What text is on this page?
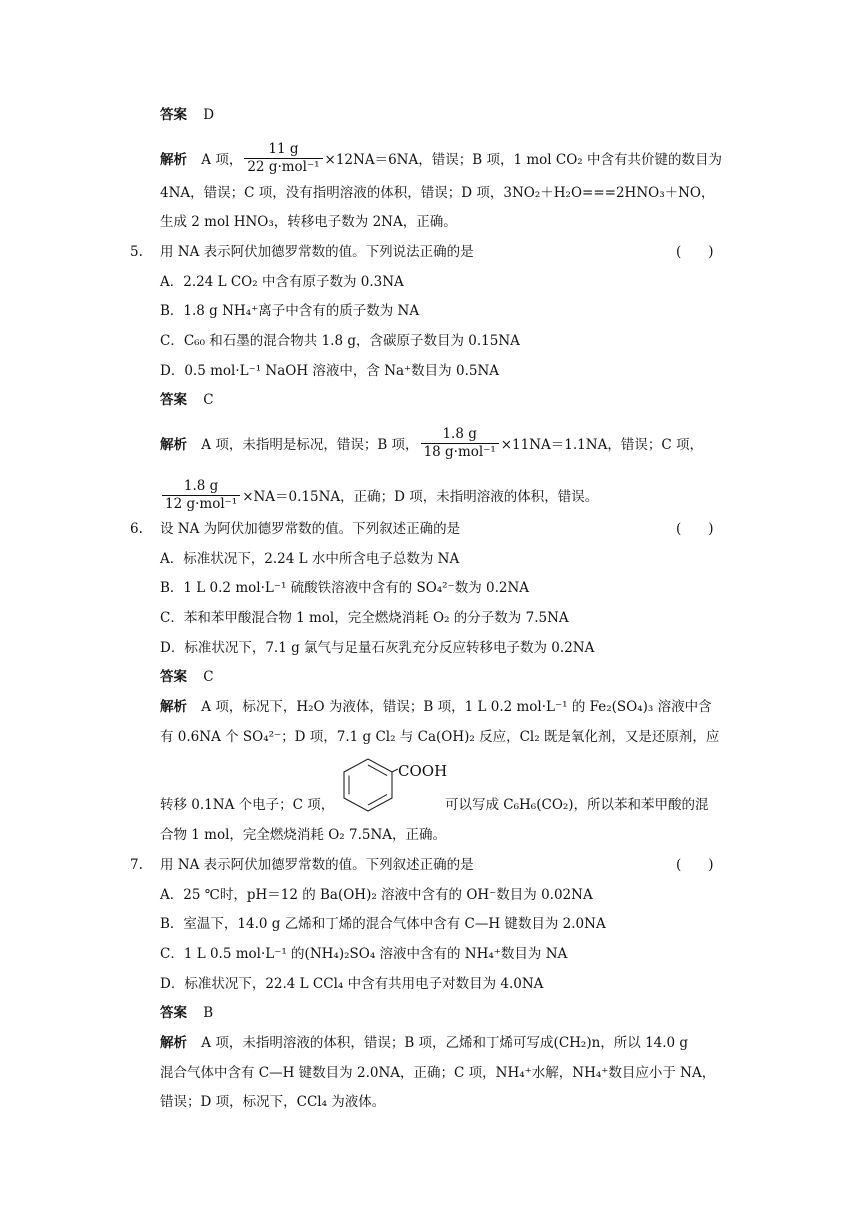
答案 D
解析 A 项， $\frac{11 g}{\text{22 g·mol⁻¹}} \times 12NA=6NA$，错误；B 项，1 mol CO₂ 中含有共价键的数目为
4NA，错误；C 项，没有指明溶液的体积，错误；D 项，3NO₂＋H₂O===2HNO₃＋NO，
生成 2 mol HNO₃，转移电子数为 2NA，正确。
5. 用 NA 表示阿伏加德罗常数的值。下列说法正确的是	(　　)
A．2.24 L CO₂ 中含有原子数为 0.3NA
B．1.8 g NH₄⁺离子中含有的质子数为 NA
C．C₆₀ 和石墨的混合物共 1.8 g，含碳原子数目为 0.15NA
D．0.5 mol·L⁻¹ NaOH 溶液中，含 Na⁺数目为 0.5NA
答案 C
解析 A 项，未指明是标况，错误；B 项， $\frac{1.8 g}{\text{18 g·mol⁻¹}} \times 11NA=1.1NA$，错误；C 项，
$\frac{1.8 g}{\text{12 g·mol⁻¹}} \times NA=0.15NA$，正确；D 项，未指明溶液的体积，错误。
6. 设 NA 为阿伏加德罗常数的值。下列叙述正确的是	(　　)
A．标准状况下，2.24 L 水中所含电子总数为 NA
B．1 L 0.2 mol·L⁻¹ 硫酸铁溶液中含有的 SO₄²⁻数为 0.2NA
C．苯和苯甲酸混合物 1 mol，完全燃烧消耗 O₂ 的分子数为 7.5NA
D．标准状况下，7.1 g 氯气与足量石灰乳充分反应转移电子数为 0.2NA
答案 C
解析 A 项，标况下，H₂O 为液体，错误；B 项，1 L 0.2 mol·L⁻¹ 的 Fe₂(SO₄)₃ 溶液中含
有 0.6NA 个 SO₄²⁻；D 项，7.1 g Cl₂ 与 Ca(OH)₂ 反应，Cl₂ 既是氧化剂，又是还原剂，应
COOH
转移 0.1NA 个电子；C 项，	可以写成 C₆H₆(CO₂)，所以苯和苯甲酸的混
合物 1 mol，完全燃烧消耗 O₂ 7.5NA，正确。
7. 用 NA 表示阿伏加德罗常数的值。下列叙述正确的是	(　　)
A．25 ℃时，pH＝12 的 Ba(OH)₂ 溶液中含有的 OH⁻数目为 0.02NA
B．室温下，14.0 g 乙烯和丁烯的混合气体中含有 C—H 键数目为 2.0NA
C．1 L 0.5 mol·L⁻¹ 的(NH₄)₂SO₄ 溶液中含有的 NH₄⁺数目为 NA
D．标准状况下，22.4 L CCl₄ 中含有共用电子对数目为 4.0NA
答案 B
解析 A 项，未指明溶液的体积，错误；B 项，乙烯和丁烯可写成(CH₂)n，所以 14.0 g
混合气体中含有 C—H 键数目为 2.0NA，正确；C 项，NH₄⁺水解，NH₄⁺数目应小于 NA，
错误；D 项，标况下，CCl₄ 为液体。
